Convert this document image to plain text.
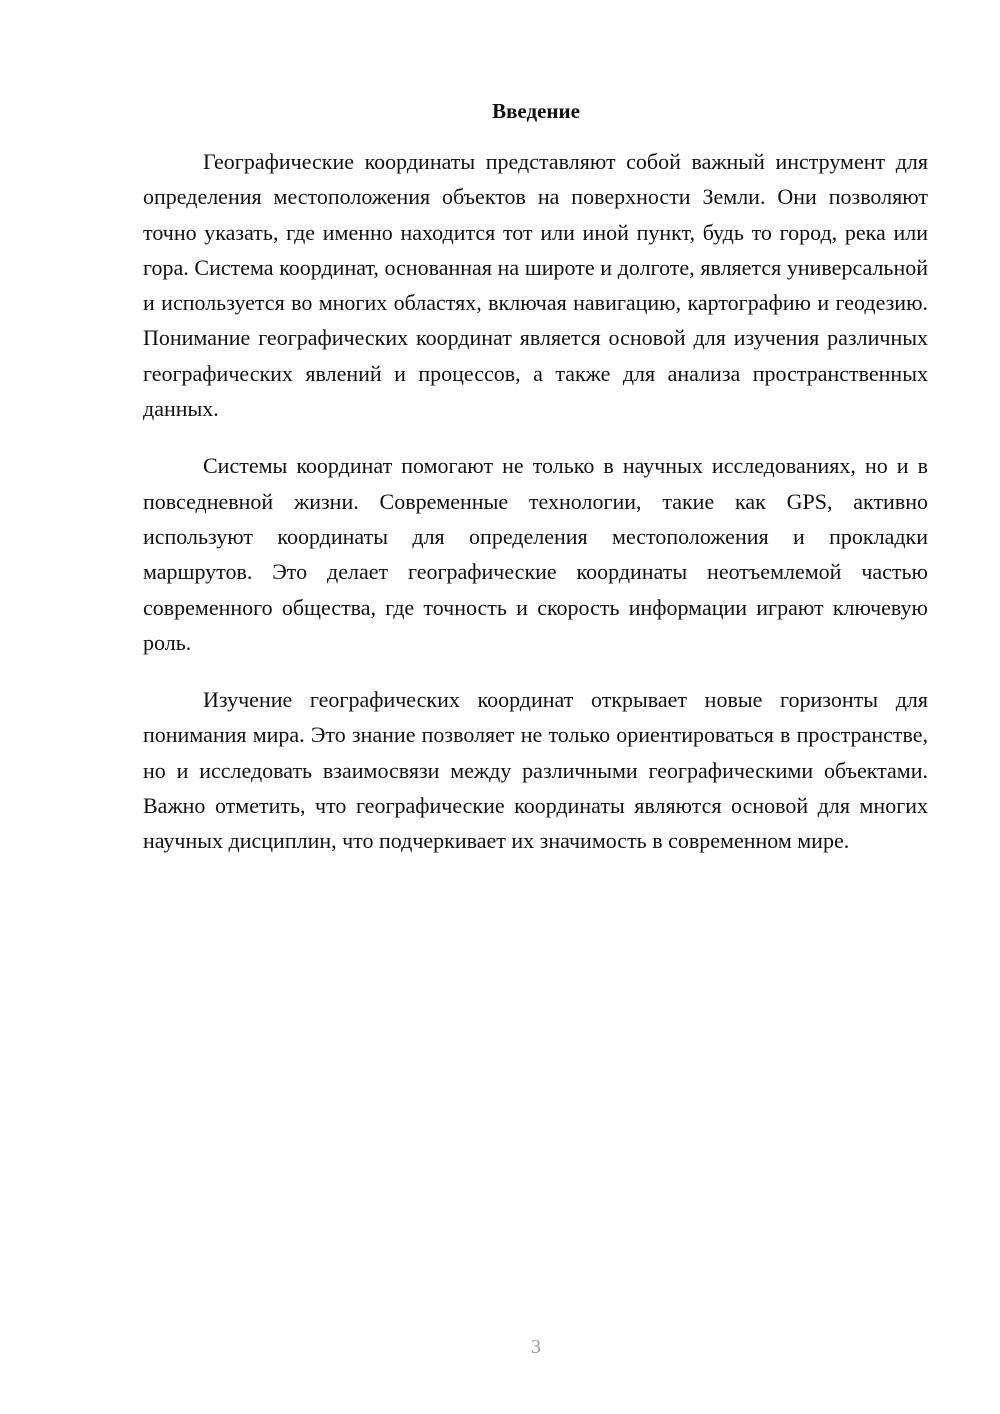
Введение

Географические координаты представляют собой важный инструмент для определения местоположения объектов на поверхности Земли. Они позволяют точно указать, где именно находится тот или иной пункт, будь то город, река или гора. Система координат, основанная на широте и долготе, является универсальной и используется во многих областях, включая навигацию, картографию и геодезию. Понимание географических координат является основой для изучения различных географических явлений и процессов, а также для анализа пространственных данных.

Системы координат помогают не только в научных исследованиях, но и в повседневной жизни. Современные технологии, такие как GPS, активно используют координаты для определения местоположения и прокладки маршрутов. Это делает географические координаты неотъемлемой частью современного общества, где точность и скорость информации играют ключевую роль.

Изучение географических координат открывает новые горизонты для понимания мира. Это знание позволяет не только ориентироваться в пространстве, но и исследовать взаимосвязи между различными географическими объектами. Важно отметить, что географические координаты являются основой для многих научных дисциплин, что подчеркивает их значимость в современном мире.

3
